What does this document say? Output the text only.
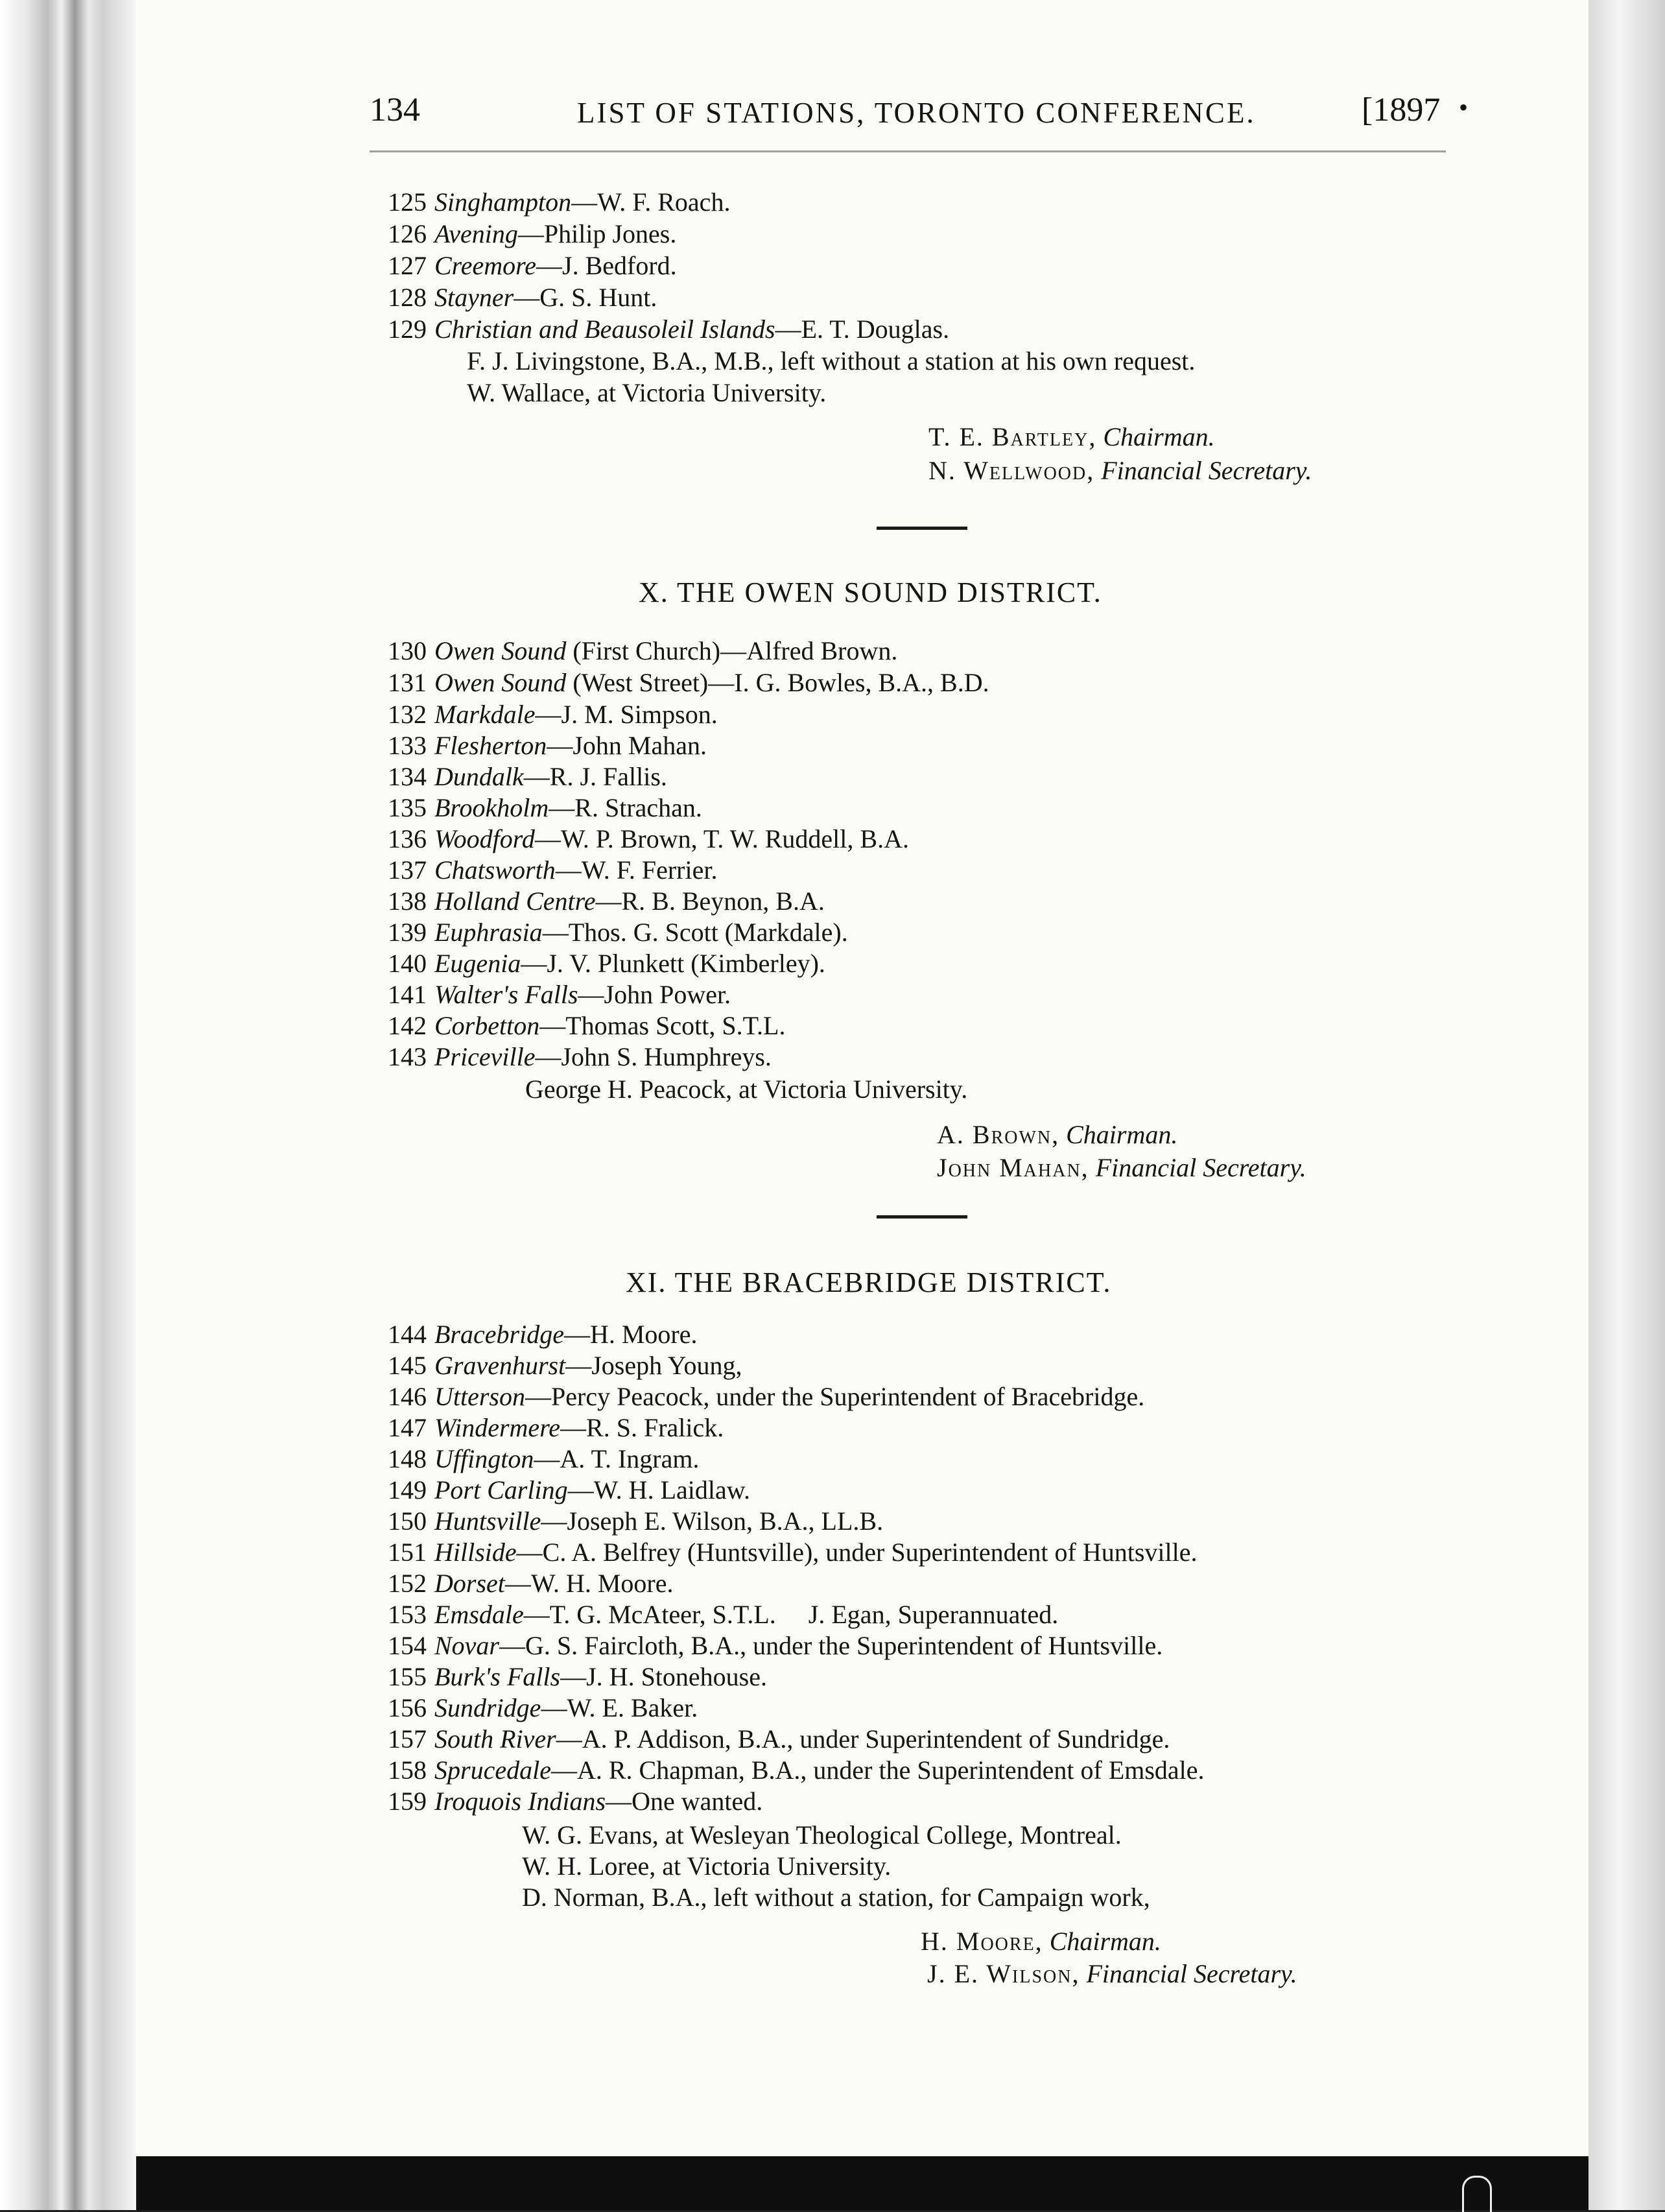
134	LIST OF STATIONS, TORONTO CONFERENCE.	[1897 •
125 Singhampton—W. F. Roach.
126 Avening—Philip Jones.
127 Creemore—J. Bedford.
128 Stayner—G. S. Hunt.
129 Christian and Beausoleil Islands—E. T. Douglas.
F. J. Livingstone, B.A., M.B., left without a station at his own request.
W. Wallace, at Victoria University.
T. E. Bartley, Chairman.
N. Wellwood, Financial Secretary.
X. THE OWEN SOUND DISTRICT.
130 Owen Sound (First Church)—Alfred Brown.
131 Owen Sound (West Street)—I. G. Bowles, B.A., B.D.
132 Markdale—J. M. Simpson.
133 Flesherton—John Mahan.
134 Dundalk—R. J. Fallis.
135 Brookholm—R. Strachan.
136 Woodford—W. P. Brown, T. W. Ruddell, B.A.
137 Chatsworth—W. F. Ferrier.
138 Holland Centre—R. B. Beynon, B.A.
139 Euphrasia—Thos. G. Scott (Markdale).
140 Eugenia—J. V. Plunkett (Kimberley).
141 Walter's Falls—John Power.
142 Corbetton—Thomas Scott, S.T.L.
143 Priceville—John S. Humphreys.
George H. Peacock, at Victoria University.
A. Brown, Chairman.
John Mahan, Financial Secretary.
XI. THE BRACEBRIDGE DISTRICT.
144 Bracebridge—H. Moore.
145 Gravenhurst—Joseph Young,
146 Utterson—Percy Peacock, under the Superintendent of Bracebridge.
147 Windermere—R. S. Fralick.
148 Uffington—A. T. Ingram.
149 Port Carling—W. H. Laidlaw.
150 Huntsville—Joseph E. Wilson, B.A., LL.B.
151 Hillside—C. A. Belfrey (Huntsville), under Superintendent of Huntsville.
152 Dorset—W. H. Moore.
153 Emsdale—T. G. McAteer, S.T.L.     J. Egan, Superannuated.
154 Novar—G. S. Faircloth, B.A., under the Superintendent of Huntsville.
155 Burk's Falls—J. H. Stonehouse.
156 Sundridge—W. E. Baker.
157 South River—A. P. Addison, B.A., under Superintendent of Sundridge.
158 Sprucedale—A. R. Chapman, B.A., under the Superintendent of Emsdale.
159 Iroquois Indians—One wanted.
W. G. Evans, at Wesleyan Theological College, Montreal.
W. H. Loree, at Victoria University.
D. Norman, B.A., left without a station, for Campaign work,
H. Moore, Chairman.
J. E. Wilson, Financial Secretary.
